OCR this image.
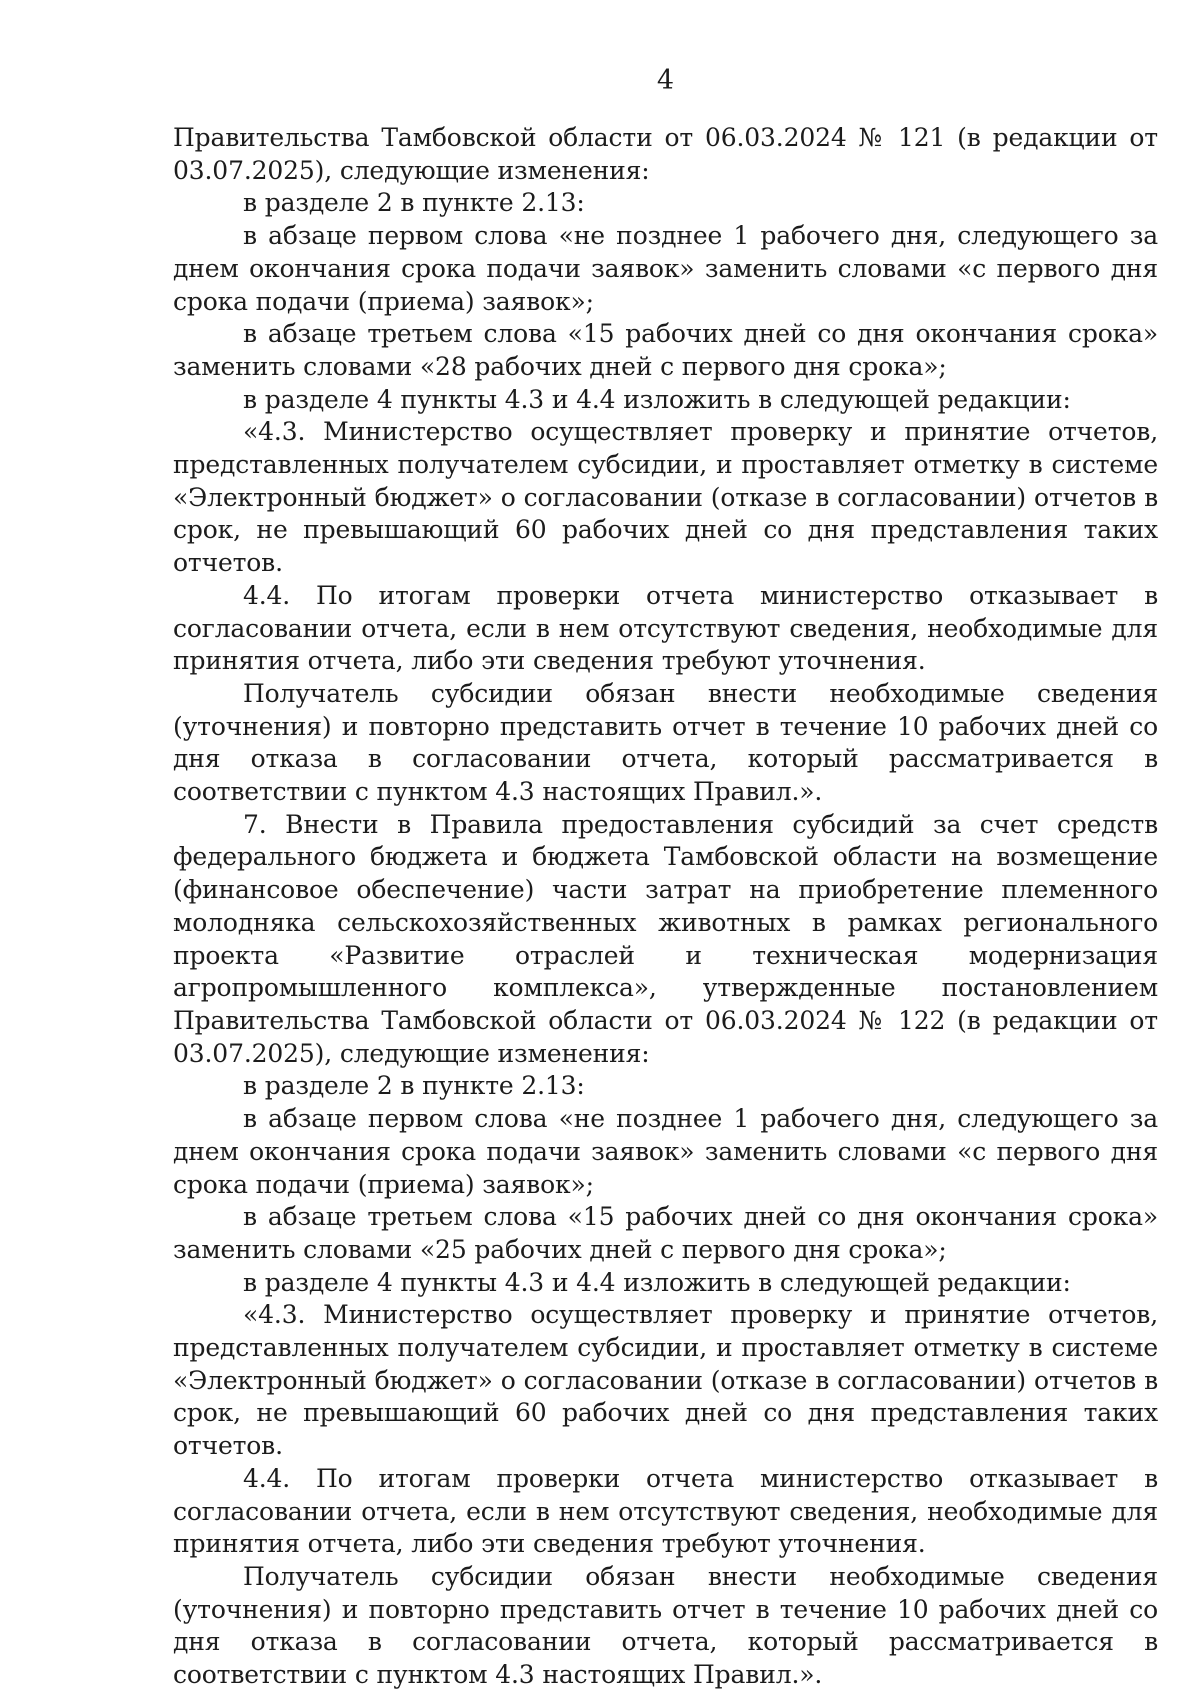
4

Правительства Тамбовской области от 06.03.2024 № 121 (в редакции от 03.07.2025), следующие изменения:

в разделе 2 в пункте 2.13:

в абзаце первом слова «не позднее 1 рабочего дня, следующего за днем окончания срока подачи заявок» заменить словами «с первого дня срока подачи (приема) заявок»;

в абзаце третьем слова «15 рабочих дней со дня окончания срока» заменить словами «28 рабочих дней с первого дня срока»;

в разделе 4 пункты 4.3 и 4.4 изложить в следующей редакции:

«4.3. Министерство осуществляет проверку и принятие отчетов, представленных получателем субсидии, и проставляет отметку в системе «Электронный бюджет» о согласовании (отказе в согласовании) отчетов в срок, не превышающий 60 рабочих дней со дня представления таких отчетов.

4.4. По итогам проверки отчета министерство отказывает в согласовании отчета, если в нем отсутствуют сведения, необходимые для принятия отчета, либо эти сведения требуют уточнения.

Получатель субсидии обязан внести необходимые сведения (уточнения) и повторно представить отчет в течение 10 рабочих дней со дня отказа в согласовании отчета, который рассматривается в соответствии с пунктом 4.3 настоящих Правил.».

7. Внести в Правила предоставления субсидий за счет средств федерального бюджета и бюджета Тамбовской области на возмещение (финансовое обеспечение) части затрат на приобретение племенного молодняка сельскохозяйственных животных в рамках регионального проекта «Развитие отраслей и техническая модернизация агропромышленного комплекса», утвержденные постановлением Правительства Тамбовской области от 06.03.2024 № 122 (в редакции от 03.07.2025), следующие изменения:

в разделе 2 в пункте 2.13:

в абзаце первом слова «не позднее 1 рабочего дня, следующего за днем окончания срока подачи заявок» заменить словами «с первого дня срока подачи (приема) заявок»;

в абзаце третьем слова «15 рабочих дней со дня окончания срока» заменить словами «25 рабочих дней с первого дня срока»;

в разделе 4 пункты 4.3 и 4.4 изложить в следующей редакции:

«4.3. Министерство осуществляет проверку и принятие отчетов, представленных получателем субсидии, и проставляет отметку в системе «Электронный бюджет» о согласовании (отказе в согласовании) отчетов в срок, не превышающий 60 рабочих дней со дня представления таких отчетов.

4.4. По итогам проверки отчета министерство отказывает в согласовании отчета, если в нем отсутствуют сведения, необходимые для принятия отчета, либо эти сведения требуют уточнения.

Получатель субсидии обязан внести необходимые сведения (уточнения) и повторно представить отчет в течение 10 рабочих дней со дня отказа в согласовании отчета, который рассматривается в соответствии с пунктом 4.3 настоящих Правил.».
